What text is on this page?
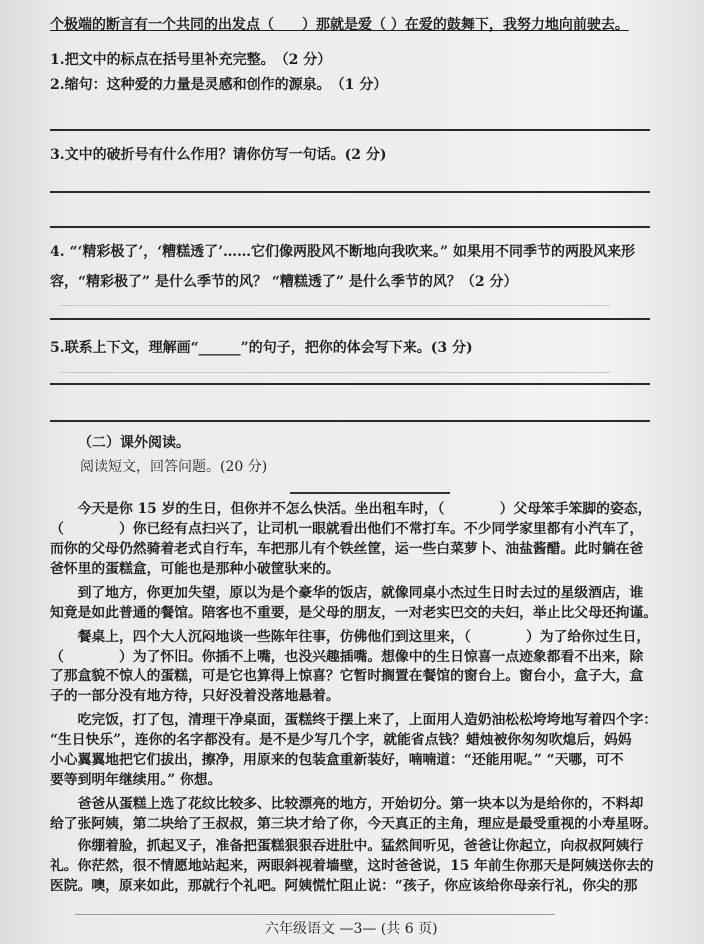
个极端的断言有一个共同的出发点（　　）那就是爱（ ）在爱的鼓舞下，我努力地向前驶去。
1.把文中的标点在括号里补充完整。　（2 分）
2.缩句：这种爱的力量是灵感和创作的源泉。　（1 分）
3.文中的破折号有什么作用？请你仿写一句话。(2 分)
4. “‘精彩极了’，‘糟糕透了’……它们像两股风不断地向我吹来。” 如果用不同季节的两股风来形
容，“精彩极了” 是什么季节的风？ “糟糕透了” 是什么季节的风？（2 分）
5.联系上下文，理解画“______”的句子，把你的体会写下来。(3 分)
（二）课外阅读。
阅读短文，回答问题。(20 分)
　　今天是你 15 岁的生日，但你并不怎么快活。坐出租车时，（　　　　）父母笨手笨脚的姿态，
（　　　　）你已经有点扫兴了，让司机一眼就看出他们不常打车。不少同学家里都有小汽车了，
而你的父母仍然骑着老式自行车，车把那儿有个铁丝筐，运一些白菜萝卜、油盐酱醋。此时躺在爸
爸怀里的蛋糕盒，可能也是那种小破筐驮来的。
　　到了地方，你更加失望，原以为是个豪华的饭店，就像同桌小杰过生日时去过的星级酒店，谁
知竟是如此普通的餐馆。陪客也不重要，是父母的朋友，一对老实巴交的夫妇，举止比父母还拘谨。
　　餐桌上，四个大人沉闷地谈一些陈年往事，仿佛他们到这里来，（　　　　）为了给你过生日，
（　　　　）为了怀旧。你插不上嘴，也没兴趣插嘴。想像中的生日惊喜一点迹象都看不出来，除
了那盒貌不惊人的蛋糕，可是它也算得上惊喜？它暂时搁置在餐馆的窗台上。窗台小，盒子大，盒
子的一部分没有地方待，只好没着没落地悬着。
　　吃完饭，打了包，清理干净桌面，蛋糕终于摆上来了，上面用人造奶油松松垮垮地写着四个字：
“生日快乐”，连你的名字都没有。是不是少写几个字，就能省点钱？蜡烛被你匆匆吹熄后，妈妈
小心翼翼地把它们拔出，擦净，用原来的包装盒重新装好，喃喃道：“还能用呢。” “天哪，可不
要等到明年继续用。” 你想。
　　爸爸从蛋糕上选了花纹比较多、比较漂亮的地方，开始切分。第一块本以为是给你的，不料却
给了张阿姨，第二块给了王叔叔，第三块才给了你，今天真正的主角，理应是最受重视的小寿星呀。
　　你绷着脸，抓起叉子，准备把蛋糕狠狠吞进肚中。猛然间听见，爸爸让你起立，向叔叔阿姨行
礼。你茫然，很不情愿地站起来，两眼斜视着墙壁，这时爸爸说，15 年前生你那天是阿姨送你去的
医院。噢，原来如此，那就行个礼吧。阿姨慌忙阻止说：“孩子，你应该给你母亲行礼，你尖的那
六年级语文 —3— (共 6 页)
